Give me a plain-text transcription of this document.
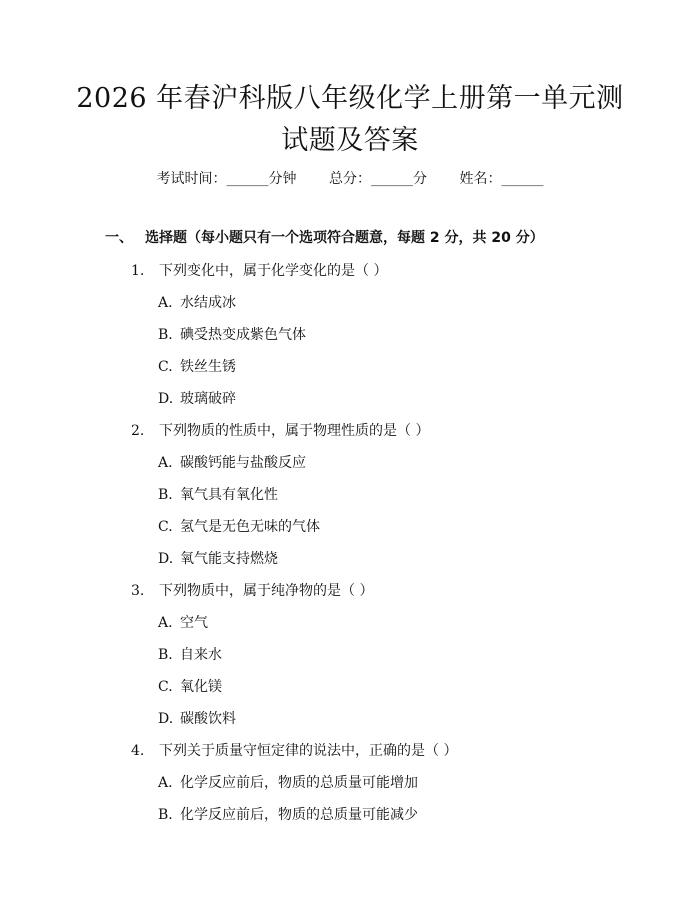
2026 年春沪科版八年级化学上册第一单元测
试题及答案
考试时间：______分钟 总分：______分 姓名：______
一、 选择题（每小题只有一个选项符合题意，每题 2 分，共 20 分）
1. 下列变化中，属于化学变化的是（ ）
A. 水结成冰
B. 碘受热变成紫色气体
C. 铁丝生锈
D. 玻璃破碎
2. 下列物质的性质中，属于物理性质的是（ ）
A. 碳酸钙能与盐酸反应
B. 氧气具有氧化性
C. 氢气是无色无味的气体
D. 氧气能支持燃烧
3. 下列物质中，属于纯净物的是（ ）
A. 空气
B. 自来水
C. 氧化镁
D. 碳酸饮料
4. 下列关于质量守恒定律的说法中，正确的是（ ）
A. 化学反应前后，物质的总质量可能增加
B. 化学反应前后，物质的总质量可能减少
